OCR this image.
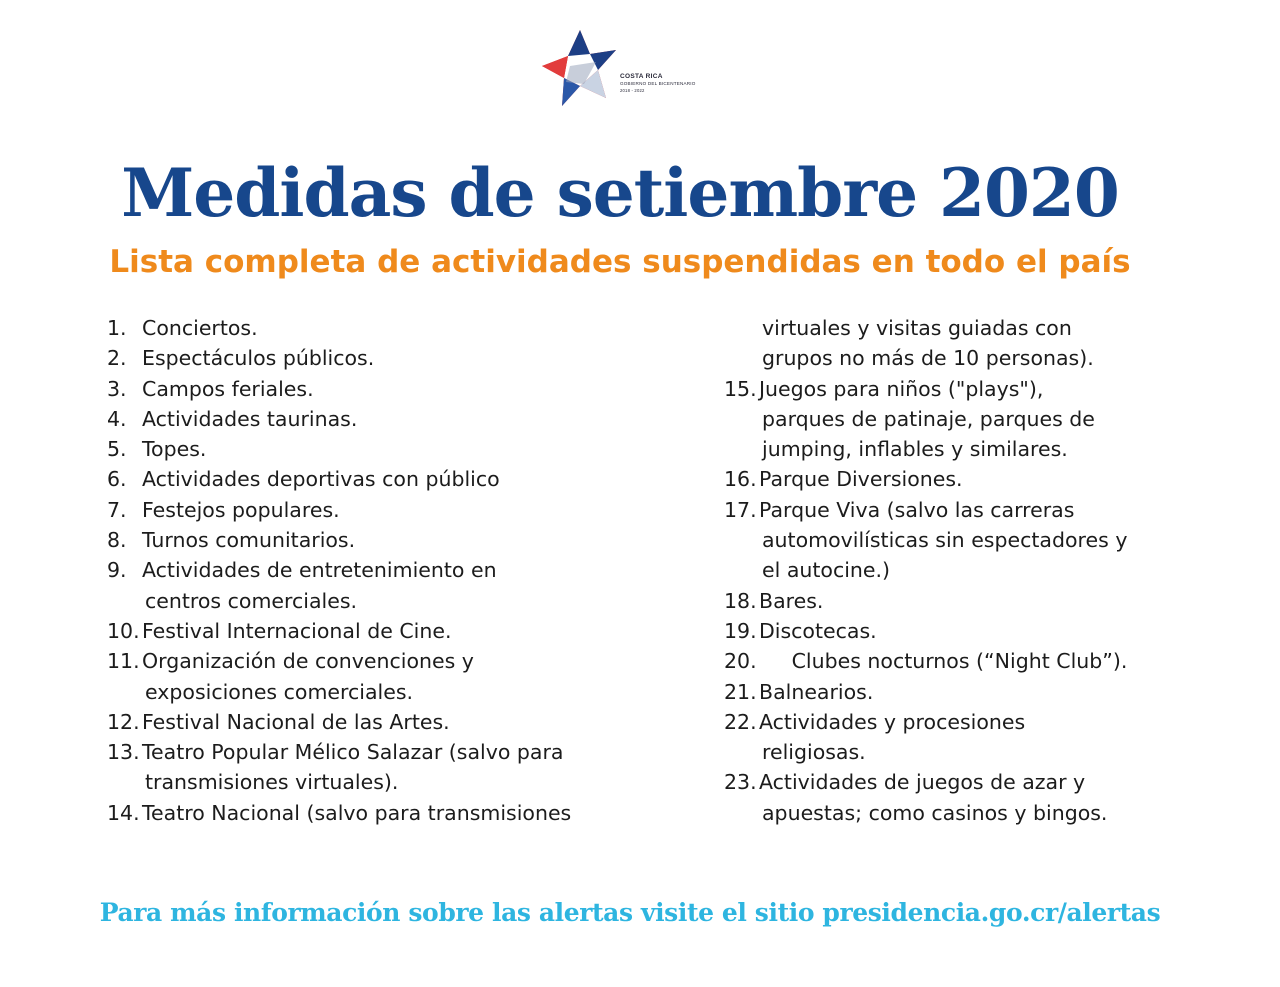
COSTA RICA
GOBIERNO DEL BICENTENARIO
2018 - 2022
Medidas de setiembre 2020
Lista completa de actividades suspendidas en todo el país
1. Conciertos.
2. Espectáculos públicos.
3. Campos feriales.
4. Actividades taurinas.
5. Topes.
6. Actividades deportivas con público
7. Festejos populares.
8. Turnos comunitarios.
9. Actividades de entretenimiento en
centros comerciales.
10. Festival Internacional de Cine.
11. Organización de convenciones y
exposiciones comerciales.
12. Festival Nacional de las Artes.
13. Teatro Popular Mélico Salazar (salvo para
transmisiones virtuales).
14. Teatro Nacional (salvo para transmisiones
virtuales y visitas guiadas con
grupos no más de 10 personas).
15. Juegos para niños ("plays"),
parques de patinaje, parques de
jumping, inflables y similares.
16. Parque Diversiones.
17. Parque Viva (salvo las carreras
automovilísticas sin espectadores y
el autocine.)
18. Bares.
19. Discotecas.
20.     Clubes nocturnos (“Night Club”).
21. Balnearios.
22. Actividades y procesiones
religiosas.
23. Actividades de juegos de azar y
apuestas; como casinos y bingos.
Para más información sobre las alertas visite el sitio presidencia.go.cr/alertas
